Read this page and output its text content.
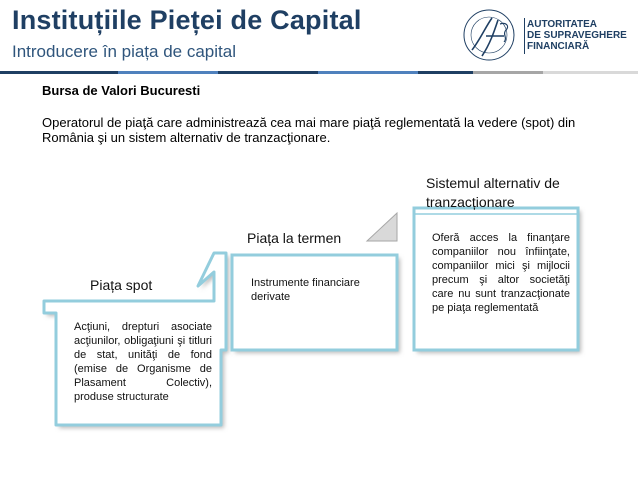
Instituțiile Pieței de Capital
Introducere în piața de capital
AUTORITATEA
DE SUPRAVEGHERE
FINANCIARĂ
Bursa de Valori Bucuresti
Operatorul de piaţă care administrează cea mai mare piaţă reglementată la vedere (spot) din România şi un sistem alternativ de tranzacţionare.
Piața spot
Piața la termen
Sistemul alternativ de tranzacționare
Acţiuni, drepturi asociate acţiunilor, obligaţiuni şi titluri de stat, unităţi de fond (emise de Organisme de Plasament Colectiv), produse structurate
Instrumente financiare derivate
Oferă acces la finanţare companiilor nou înfiinţate, companiilor mici şi mijlocii precum şi altor societăţi care nu sunt tranzacţionate pe piaţa reglementată
